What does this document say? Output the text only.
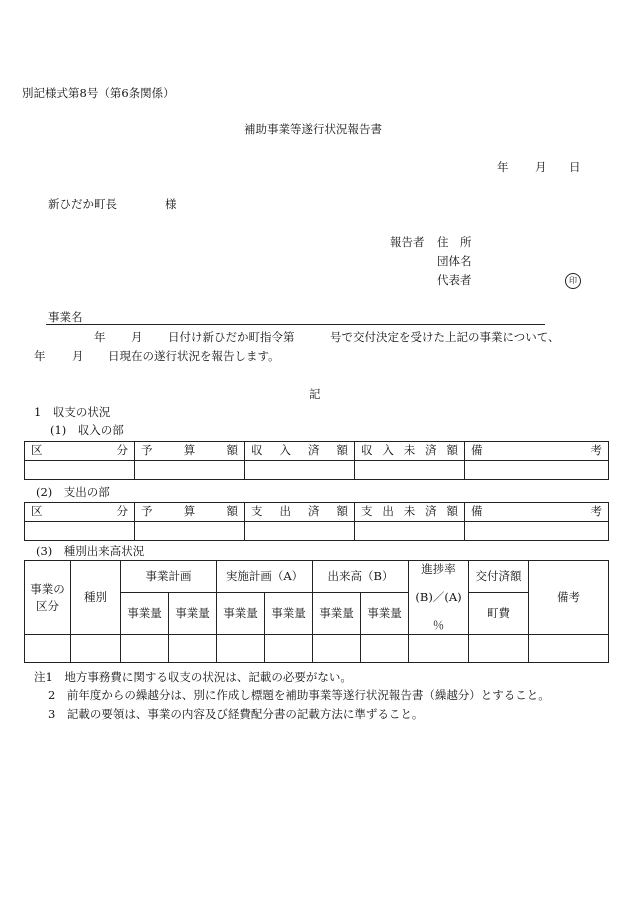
別記様式第8号（第6条関係）
補助事業等遂行状況報告書
年 月 日
新ひだか町長	様
報告者 住　所
団体名
代表者	印
事業名
年 月 日付け新ひだか町指令第	号で交付決定を受けた上記の事業について、
年 月 日現在の遂行状況を報告します。
記
1　収支の状況
(1)　収入の部
区 分	予 算 額	収 入 済 額	収 入 未 済 額	備 考

(2)　支出の部
区 分	予 算 額	支 出 済 額	支 出 未 済 額	備 考

(3)　種別出来高状況
事業の区分	種別	事業計画		実施計画（A）		出来高（B）		進捗率
(B)／(A)
％	交付済額	備考
		事業量	事業量	事業量	事業量	事業量	事業量		町費	

注1　地方事務費に関する収支の状況は、記載の必要がない。
2　前年度からの繰越分は、別に作成し標題を補助事業等遂行状況報告書（繰越分）とすること。
3　記載の要領は、事業の内容及び経費配分書の記載方法に準ずること。
